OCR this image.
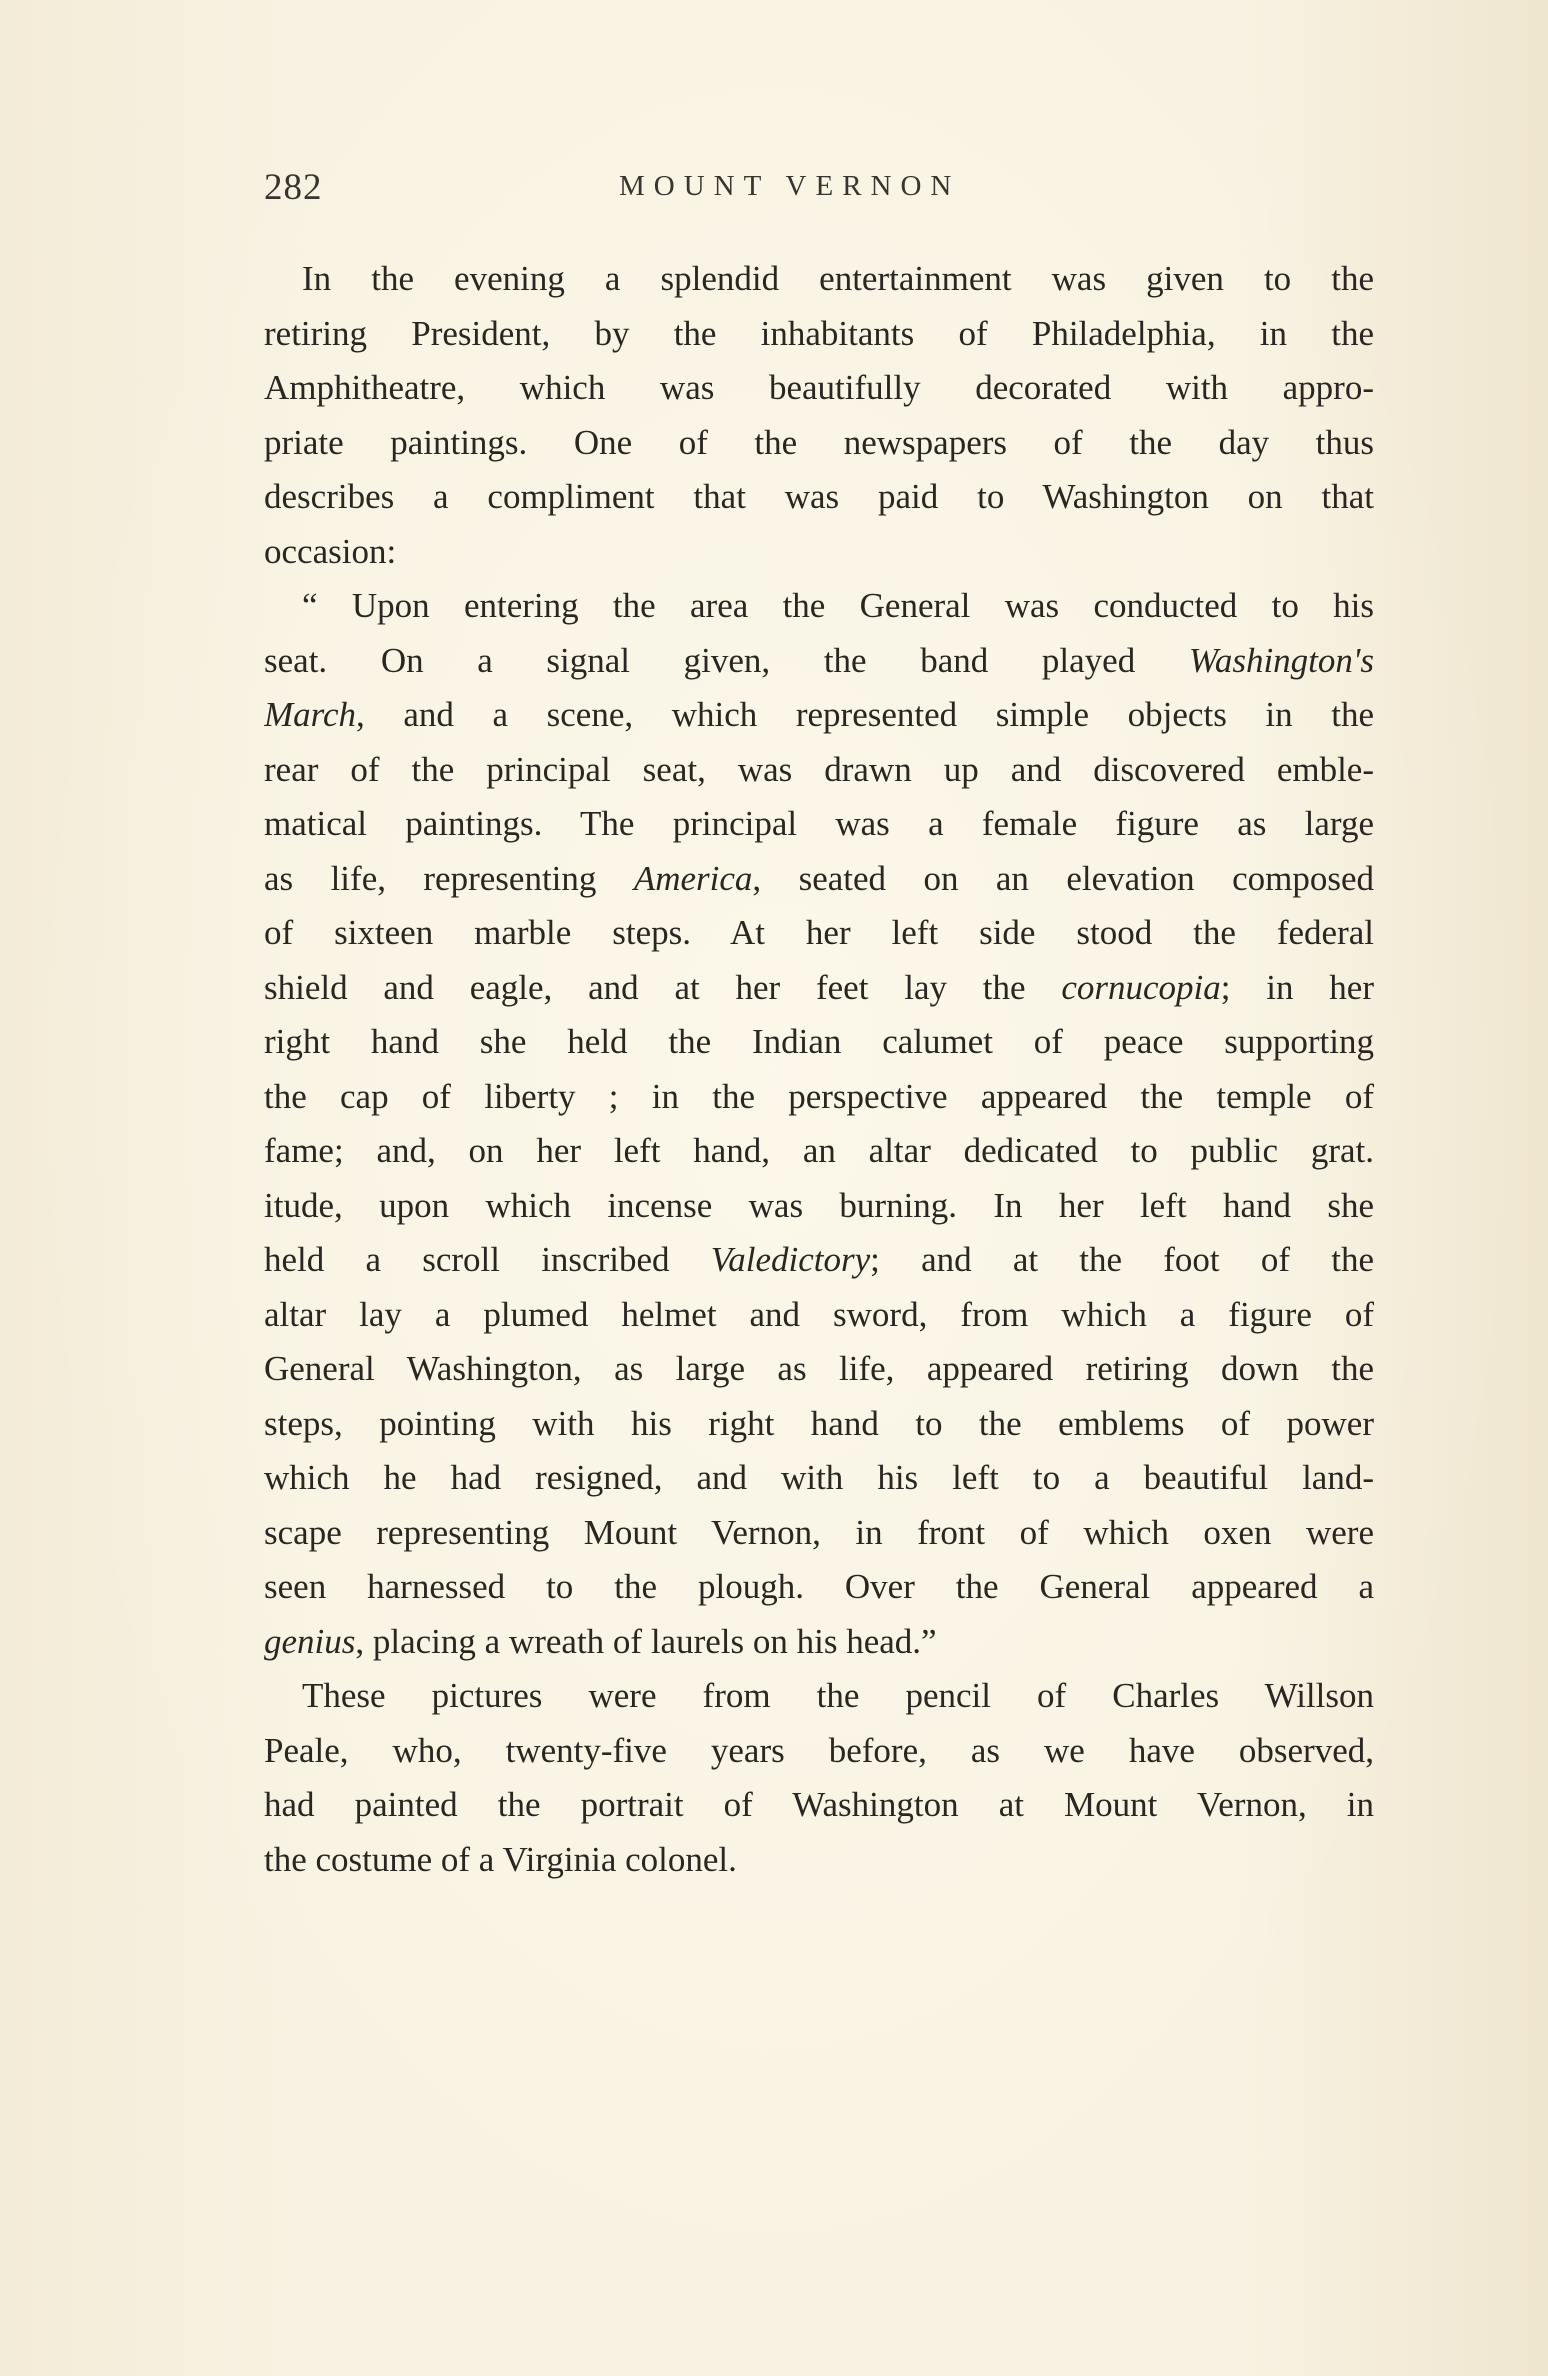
282	MOUNT VERNON
In the evening a splendid entertainment was given to the
retiring President, by the inhabitants of Philadelphia, in the
Amphitheatre, which was beautifully decorated with appro-
priate paintings. One of the newspapers of the day thus
describes a compliment that was paid to Washington on that
occasion:
“ Upon entering the area the General was conducted to his
seat. On a signal given, the band played Washington's
March, and a scene, which represented simple objects in the
rear of the principal seat, was drawn up and discovered emble-
matical paintings. The principal was a female figure as large
as life, representing America, seated on an elevation composed
of sixteen marble steps. At her left side stood the federal
shield and eagle, and at her feet lay the cornucopia; in her
right hand she held the Indian calumet of peace supporting
the cap of liberty ; in the perspective appeared the temple of
fame; and, on her left hand, an altar dedicated to public grat.
itude, upon which incense was burning. In her left hand she
held a scroll inscribed Valedictory; and at the foot of the
altar lay a plumed helmet and sword, from which a figure of
General Washington, as large as life, appeared retiring down the
steps, pointing with his right hand to the emblems of power
which he had resigned, and with his left to a beautiful land-
scape representing Mount Vernon, in front of which oxen were
seen harnessed to the plough. Over the General appeared a
genius, placing a wreath of laurels on his head.”
These pictures were from the pencil of Charles Willson
Peale, who, twenty-five years before, as we have observed,
had painted the portrait of Washington at Mount Vernon, in
the costume of a Virginia colonel.
